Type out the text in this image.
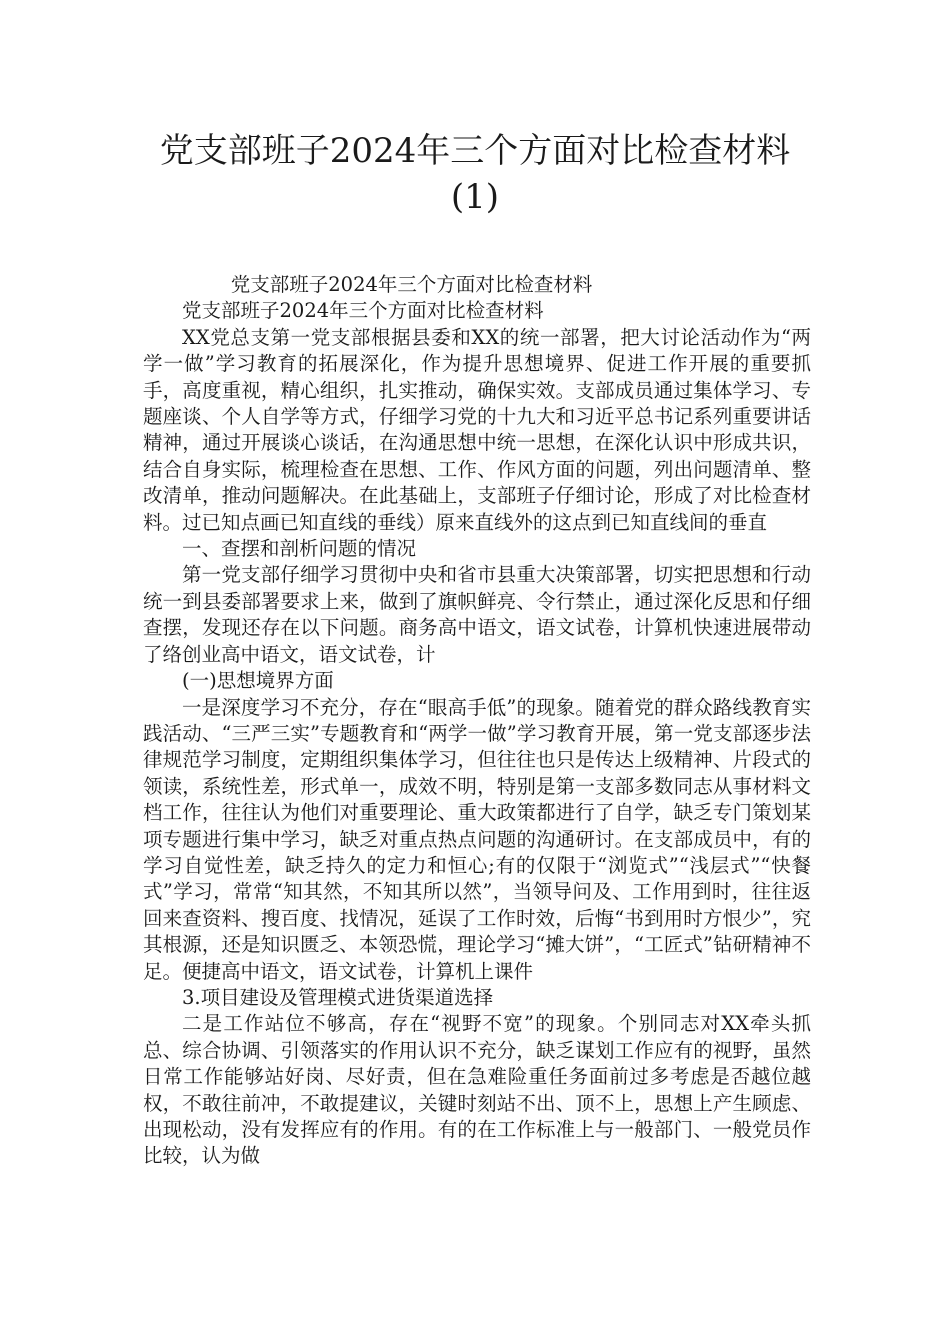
党支部班子2024年三个方面对比检查材料
(1)

党支部班子2024年三个方面对比检查材料

党支部班子2024年三个方面对比检查材料

XX党总支第一党支部根据县委和XX的统一部署，把大讨论活动作为“两学一做”学习教育的拓展深化，作为提升思想境界、促进工作开展的重要抓手，高度重视，精心组织，扎实推动，确保实效。支部成员通过集体学习、专题座谈、个人自学等方式，仔细学习党的十九大和习近平总书记系列重要讲话精神，通过开展谈心谈话，在沟通思想中统一思想，在深化认识中形成共识，结合自身实际，梳理检查在思想、工作、作风方面的问题，列出问题清单、整改清单，推动问题解决。在此基础上，支部班子仔细讨论，形成了对比检查材料。过已知点画已知直线的垂线）原来直线外的这点到已知直线间的垂直

一、查摆和剖析问题的情况

第一党支部仔细学习贯彻中央和省市县重大决策部署，切实把思想和行动统一到县委部署要求上来，做到了旗帜鲜亮、令行禁止，通过深化反思和仔细查摆，发现还存在以下问题。商务高中语文，语文试卷，计算机快速进展带动了络创业高中语文，语文试卷，计

(一)思想境界方面

一是深度学习不充分，存在“眼高手低”的现象。随着党的群众路线教育实践活动、“三严三实”专题教育和“两学一做”学习教育开展，第一党支部逐步法律规范学习制度，定期组织集体学习，但往往也只是传达上级精神、片段式的领读，系统性差，形式单一，成效不明，特别是第一支部多数同志从事材料文档工作，往往认为他们对重要理论、重大政策都进行了自学，缺乏专门策划某项专题进行集中学习，缺乏对重点热点问题的沟通研讨。在支部成员中，有的学习自觉性差，缺乏持久的定力和恒心;有的仅限于“浏览式”“浅层式”“快餐式”学习，常常“知其然，不知其所以然”，当领导问及、工作用到时，往往返回来查资料、搜百度、找情况，延误了工作时效，后悔“书到用时方恨少”，究其根源，还是知识匮乏、本领恐慌，理论学习“摊大饼”，“工匠式”钻研精神不足。便捷高中语文，语文试卷，计算机上课件

3.项目建设及管理模式进货渠道选择

二是工作站位不够高，存在“视野不宽”的现象。个别同志对XX牵头抓总、综合协调、引领落实的作用认识不充分，缺乏谋划工作应有的视野，虽然日常工作能够站好岗、尽好责，但在急难险重任务面前过多考虑是否越位越权，不敢往前冲，不敢提建议，关键时刻站不出、顶不上，思想上产生顾虑、出现松动，没有发挥应有的作用。有的在工作标准上与一般部门、一般党员作比较，认为做
